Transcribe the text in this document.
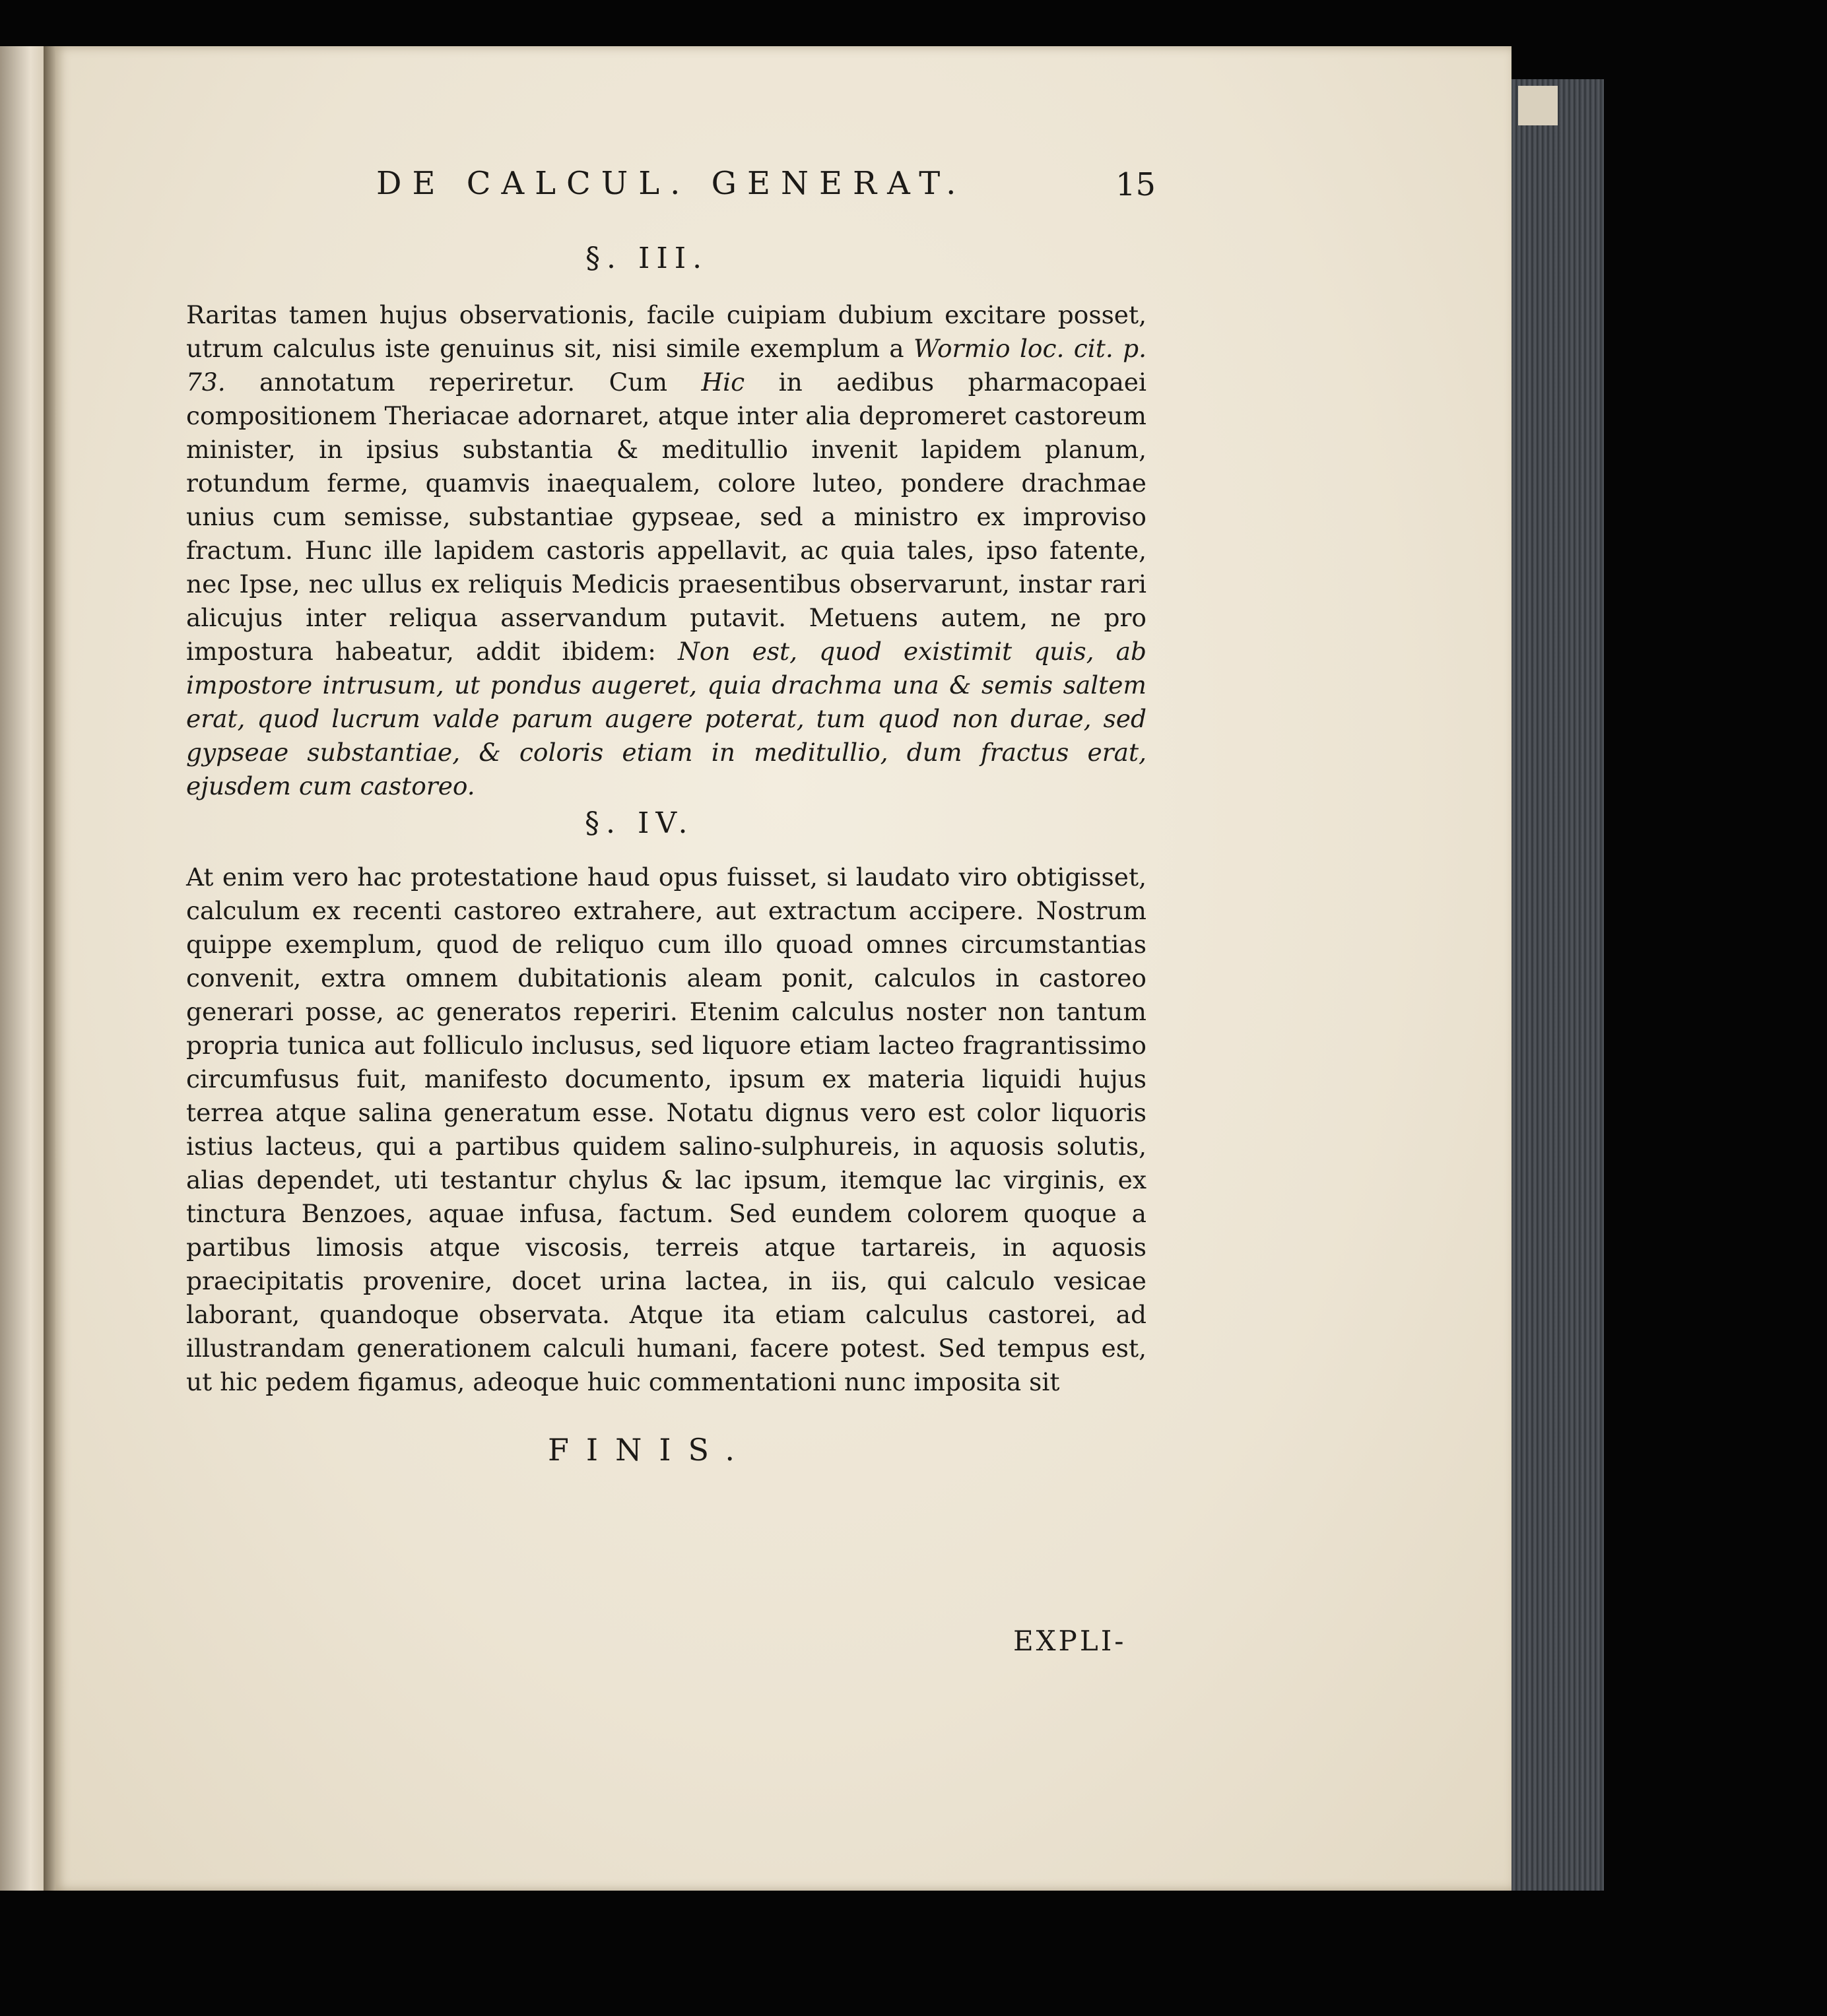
DE CALCUL. GENERAT.	15
§. III.
Raritas tamen hujus observationis, facile cuipiam dubium excitare posset, utrum calculus iste genuinus sit, nisi simile exemplum a Wormio loc. cit. p. 73. annotatum reperiretur. Cum Hic in aedibus pharmacopaei compositionem Theriacae adornaret, atque inter alia depromeret castoreum minister, in ipsius substantia & meditullio invenit lapidem planum, rotundum ferme, quamvis inaequalem, colore luteo, pondere drachmae unius cum semisse, substantiae gypseae, sed a ministro ex improviso fractum. Hunc ille lapidem castoris appellavit, ac quia tales, ipso fatente, nec Ipse, nec ullus ex reliquis Medicis praesentibus observarunt, instar rari alicujus inter reliqua asservandum putavit. Metuens autem, ne pro impostura habeatur, addit ibidem: Non est, quod existimit quis, ab impostore intrusum, ut pondus augeret, quia drachma una & semis saltem erat, quod lucrum valde parum augere poterat, tum quod non durae, sed gypseae substantiae, & coloris etiam in meditullio, dum fractus erat, ejusdem cum castoreo.
§. IV.
At enim vero hac protestatione haud opus fuisset, si laudato viro obtigisset, calculum ex recenti castoreo extrahere, aut extractum accipere. Nostrum quippe exemplum, quod de reliquo cum illo quoad omnes circumstantias convenit, extra omnem dubitationis aleam ponit, calculos in castoreo generari posse, ac generatos reperiri. Etenim calculus noster non tantum propria tunica aut folliculo inclusus, sed liquore etiam lacteo fragrantissimo circumfusus fuit, manifesto documento, ipsum ex materia liquidi hujus terrea atque salina generatum esse. Notatu dignus vero est color liquoris istius lacteus, qui a partibus quidem salino-sulphureis, in aquosis solutis, alias dependet, uti testantur chylus & lac ipsum, itemque lac virginis, ex tinctura Benzoes, aquae infusa, factum. Sed eundem colorem quoque a partibus limosis atque viscosis, terreis atque tartareis, in aquosis praecipitatis provenire, docet urina lactea, in iis, qui calculo vesicae laborant, quandoque observata. Atque ita etiam calculus castorei, ad illustrandam generationem calculi humani, facere potest. Sed tempus est, ut hic pedem figamus, adeoque huic commentationi nunc imposita sit
FINIS.
EXPLI-
